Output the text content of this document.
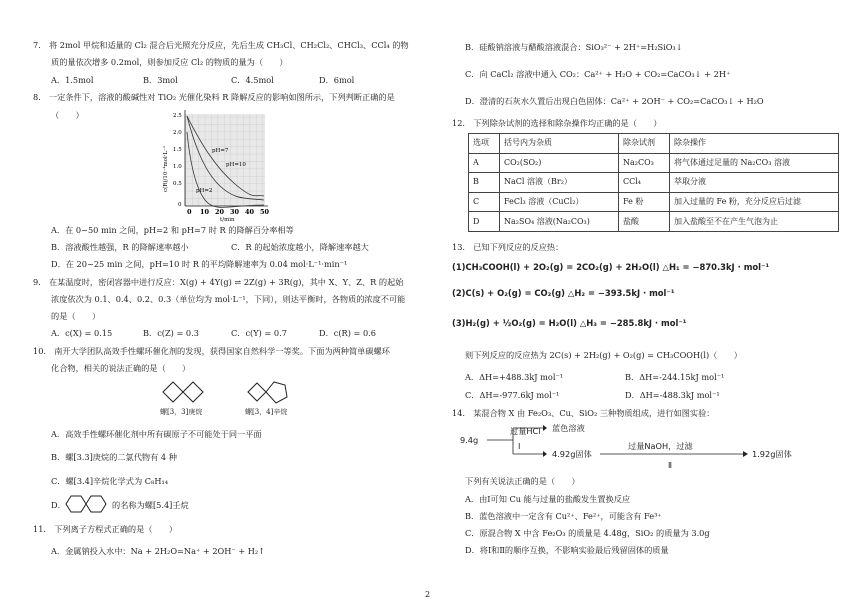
7.　将 2mol 甲烷和适量的 Cl₂ 混合后光照充分反应，先后生成 CH₃Cl、CH₂Cl₂、CHCl₃、CCl₄ 的物
质的量依次增多 0.2mol，则参加反应 Cl₂ 的物质的量为（　　）
A．1.5mol	B．3mol	C．4.5mol	D．6mol
8.　一定条件下，溶液的酸碱性对 TiO₂ 光催化染料 R 降解反应的影响如图所示，下列判断正确的是
（　　）
pH=7
pH=10
pH=2
c(R)/10⁻⁴mol·L⁻¹
2.5
2.0
1.5
1.0
0.5
0
0 10 20 30 40 50
t/min
A．在 0~50 min 之间，pH=2 和 pH=7 时 R 的降解百分率相等
B．溶液酸性越强，R 的降解速率越小	C．R 的起始浓度越小，降解速率越大
D．在 20~25 min 之间，pH=10 时 R 的平均降解速率为 0.04 mol·L⁻¹·min⁻¹
9.　在某温度时，密闭容器中进行反应：X(g) + 4Y(g) ⇌ 2Z(g) + 3R(g)，其中 X、Y、Z、R 的起始
浓度依次为 0.1、0.4、0.2、0.3（单位均为 mol·L⁻¹，下同），则达平衡时，各物质的浓度不可能
的是（　　）
A．c(X) = 0.15	B．c(Z) = 0.3	C．c(Y) = 0.7	D．c(R) = 0.6
10.　南开大学团队高效手性螺环催化剂的发现，获得国家自然科学一等奖。下面为两种简单碳螺环
化合物，相关的说法正确的是（　　）
螺[3，3]庚烷	螺[3，4]辛烷
A．高效手性螺环催化剂中所有碳原子不可能处于同一平面
B．螺[3.3]庚烷的二氯代物有 4 种
C．螺[3.4]辛烷化学式为 C₈H₁₄
D．	的名称为螺[5.4]壬烷
11.　下列离子方程式正确的是（　　）
A．金属钠投入水中：Na + 2H₂O=Na⁺ + 2OH⁻ + H₂↑
B．硅酸钠溶液与醋酸溶液混合：SiO₃²⁻ + 2H⁺=H₂SiO₃↓
C．向 CaCl₂ 溶液中通入 CO₂：Ca²⁺ + H₂O + CO₂=CaCO₃↓ + 2H⁺
D．澄清的石灰水久置后出现白色固体：Ca²⁺ + 2OH⁻ + CO₂=CaCO₃↓ + H₂O
12.　下列除杂试剂的选择和除杂操作均正确的是（　　）
选项	括号内为杂质	除杂试剂	除杂操作
A	CO₂(SO₂)	Na₂CO₃	将气体通过足量的 Na₂CO₃ 溶液
B	NaCl 溶液（Br₂）	CCl₄	萃取分液
C	FeCl₃ 溶液（CuCl₂）	Fe 粉	加入过量的 Fe 粉，充分反应后过滤
D	Na₂SO₄ 溶液(Na₂CO₃)	盐酸	加入盐酸至不在产生气泡为止
13.　已知下列反应的反应热：
(1)CH₃COOH(l) + 2O₂(g) = 2CO₂(g) + 2H₂O(l) △H₁ = −870.3kJ · mol⁻¹
(2)C(s) + O₂(g) = CO₂(g) △H₂ = −393.5kJ · mol⁻¹
(3)H₂(g) + ½O₂(g) = H₂O(l) △H₃ = −285.8kJ · mol⁻¹
则下列反应的反应热为 2C(s) + 2H₂(g) + O₂(g) = CH₃COOH(l)（　　）
A．ΔH=+488.3kJ mol⁻¹	B．ΔH=-244.15kJ mol⁻¹
C．ΔH=-977.6kJ mol⁻¹	D．ΔH=-488.3kJ mol⁻¹
14.　某混合物 X 由 Fe₂O₃、Cu、SiO₂ 三种物质组成，进行如图实验：
9.4g
过量HCl
Ⅰ
蓝色溶液
4.92g固体
过量NaOH，过滤
Ⅱ
1.92g固体
下列有关说法正确的是（　　）
A．由Ⅰ可知 Cu 能与过量的盐酸发生置换反应
B．蓝色溶液中一定含有 Cu²⁺、Fe²⁺，可能含有 Fe³⁺
C．原混合物 X 中含 Fe₂O₃ 的质量是 4.48g，SiO₂ 的质量为 3.0g
D．将Ⅰ和Ⅱ的顺序互换，不影响实验最后残留固体的质量
2
